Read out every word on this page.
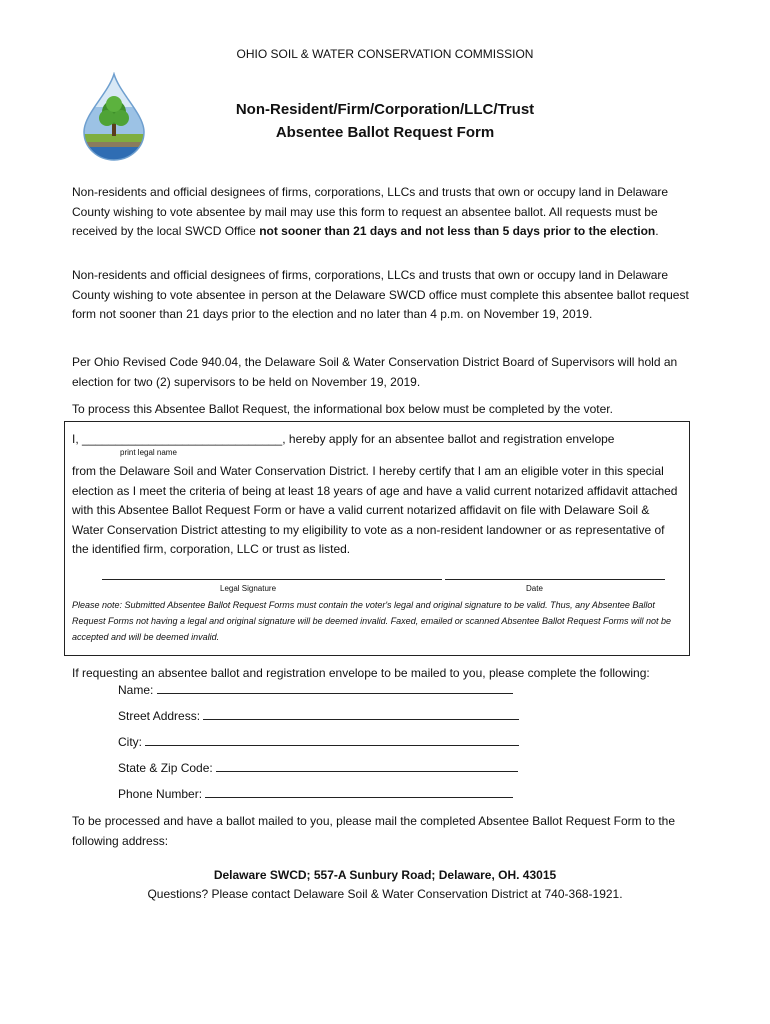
OHIO SOIL & WATER CONSERVATION COMMISSION
Non-Resident/Firm/Corporation/LLC/Trust
Absentee Ballot Request Form
Non-residents and official designees of firms, corporations, LLCs and trusts that own or occupy land in Delaware County wishing to vote absentee by mail may use this form to request an absentee ballot. All requests must be received by the local SWCD Office not sooner than 21 days and not less than 5 days prior to the election.
Non-residents and official designees of firms, corporations, LLCs and trusts that own or occupy land in Delaware County wishing to vote absentee in person at the Delaware SWCD office must complete this absentee ballot request form not sooner than 21 days prior to the election and no later than 4 p.m. on November 19, 2019.
Per Ohio Revised Code 940.04, the Delaware Soil & Water Conservation District Board of Supervisors will hold an election for two (2) supervisors to be held on November 19, 2019.
To process this Absentee Ballot Request, the informational box below must be completed by the voter.
I, ______________________________, hereby apply for an absentee ballot and registration envelope
print legal name
from the Delaware Soil and Water Conservation District. I hereby certify that I am an eligible voter in this special election as I meet the criteria of being at least 18 years of age and have a valid current notarized affidavit attached with this Absentee Ballot Request Form or have a valid current notarized affidavit on file with Delaware Soil & Water Conservation District attesting to my eligibility to vote as a non-resident landowner or as representative of the identified firm, corporation, LLC or trust as listed.
Legal Signature	Date
Please note: Submitted Absentee Ballot Request Forms must contain the voter's legal and original signature to be valid. Thus, any Absentee Ballot Request Forms not having a legal and original signature will be deemed invalid. Faxed, emailed or scanned Absentee Ballot Request Forms will not be accepted and will be deemed invalid.
If requesting an absentee ballot and registration envelope to be mailed to you, please complete the following:
Name:
Street Address:
City:
State & Zip Code:
Phone Number:
To be processed and have a ballot mailed to you, please mail the completed Absentee Ballot Request Form to the following address:
Delaware SWCD; 557-A Sunbury Road; Delaware, OH. 43015
Questions? Please contact Delaware Soil & Water Conservation District at 740-368-1921.
